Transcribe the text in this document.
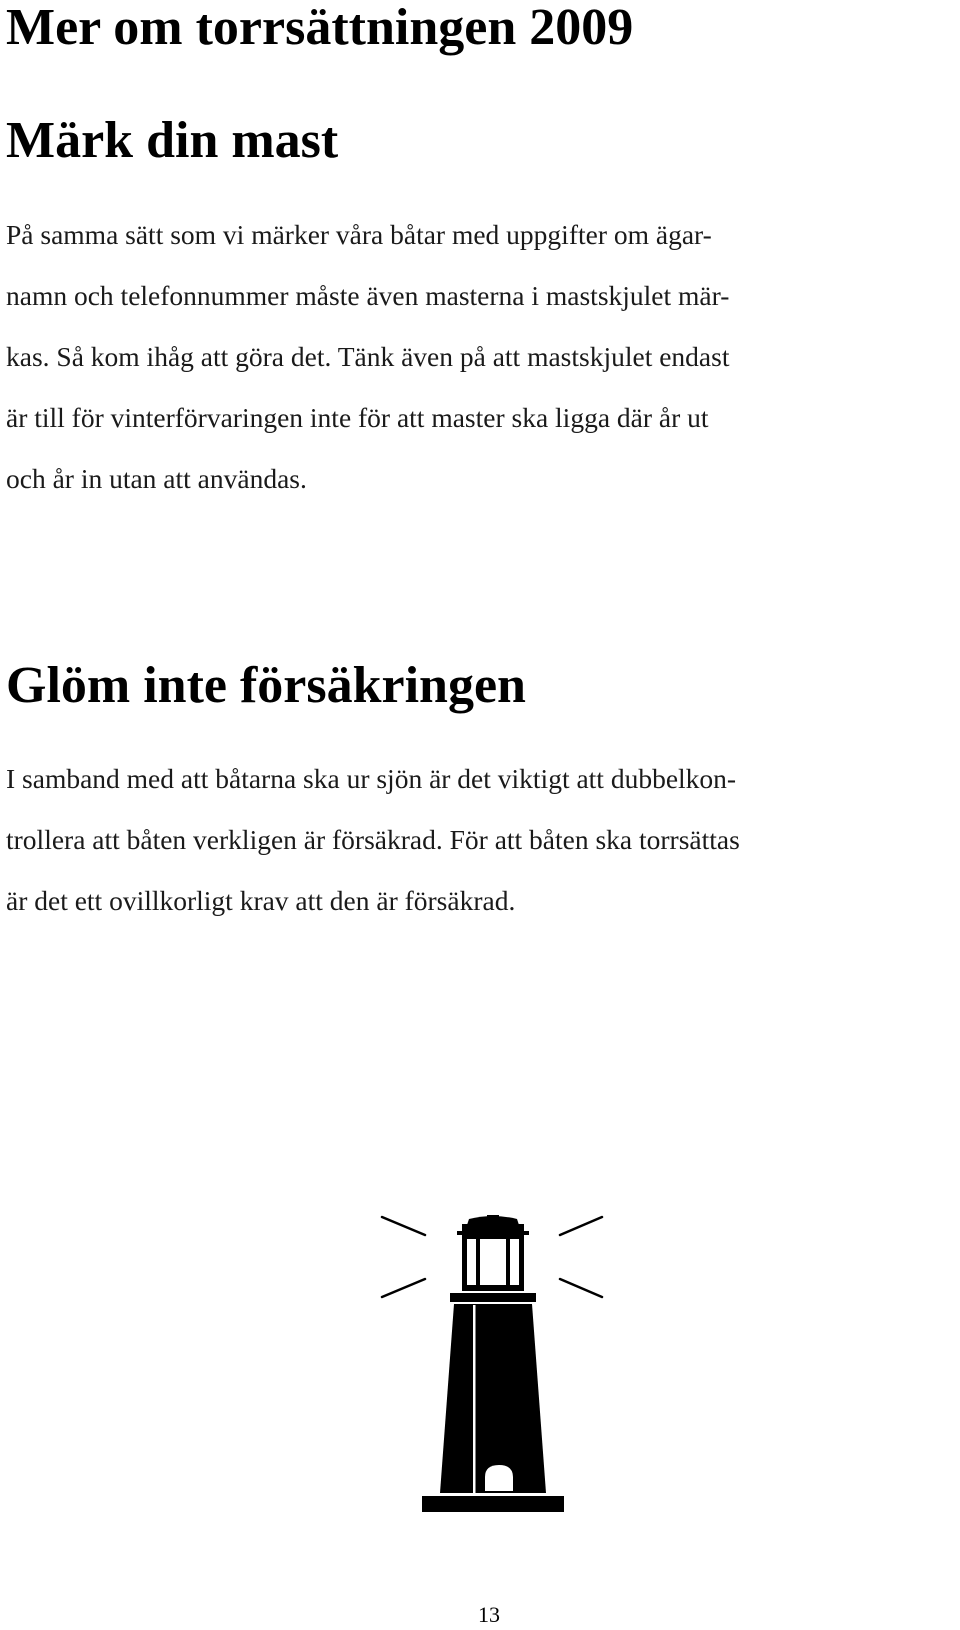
Mer om torrsättningen 2009
Märk din mast

På samma sätt som vi märker våra båtar med uppgifter om ägar-
namn och telefonnummer måste även masterna i mastskjulet mär-
kas. Så kom ihåg att göra det. Tänk även på att mastskjulet endast
är till för vinterförvaringen inte för att master ska ligga där år ut
och år in utan att användas.

Glöm inte försäkringen

I samband med att båtarna ska ur sjön är det viktigt att dubbelkon-
trollera att båten verkligen är försäkrad. För att båten ska torrsättas
är det ett ovillkorligt krav att den är försäkrad.

13
